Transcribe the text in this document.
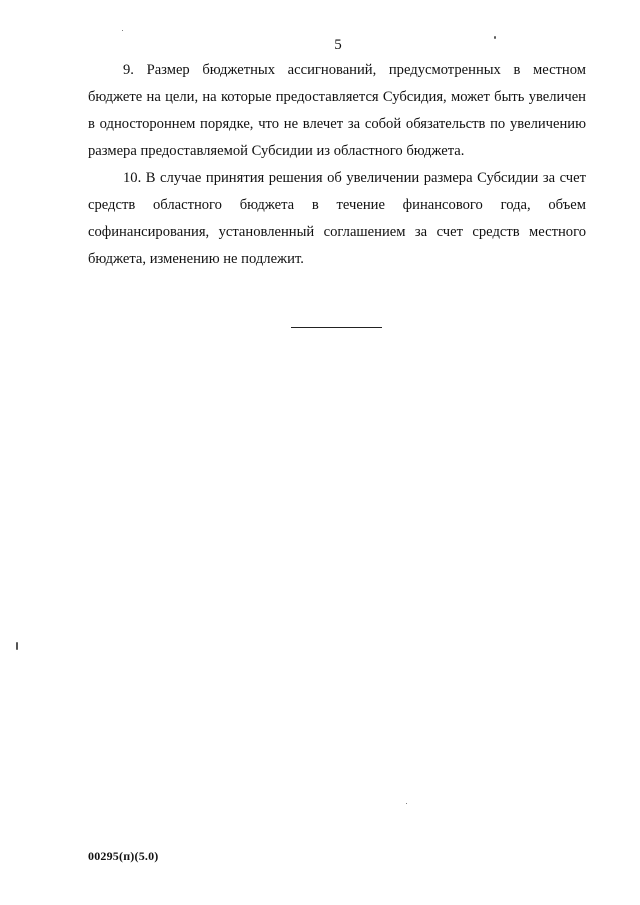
5

9. Размер бюджетных ассигнований, предусмотренных в местном бюджете на цели, на которые предоставляется Субсидия, может быть увеличен в одностороннем порядке, что не влечет за собой обязательств по увеличению размера предоставляемой Субсидии из областного бюджета.

10. В случае принятия решения об увеличении размера Субсидии за счет средств областного бюджета в течение финансового года, объем софинансирования, установленный соглашением за счет средств местного бюджета, изменению не подлежит.

00295(п)(5.0)
